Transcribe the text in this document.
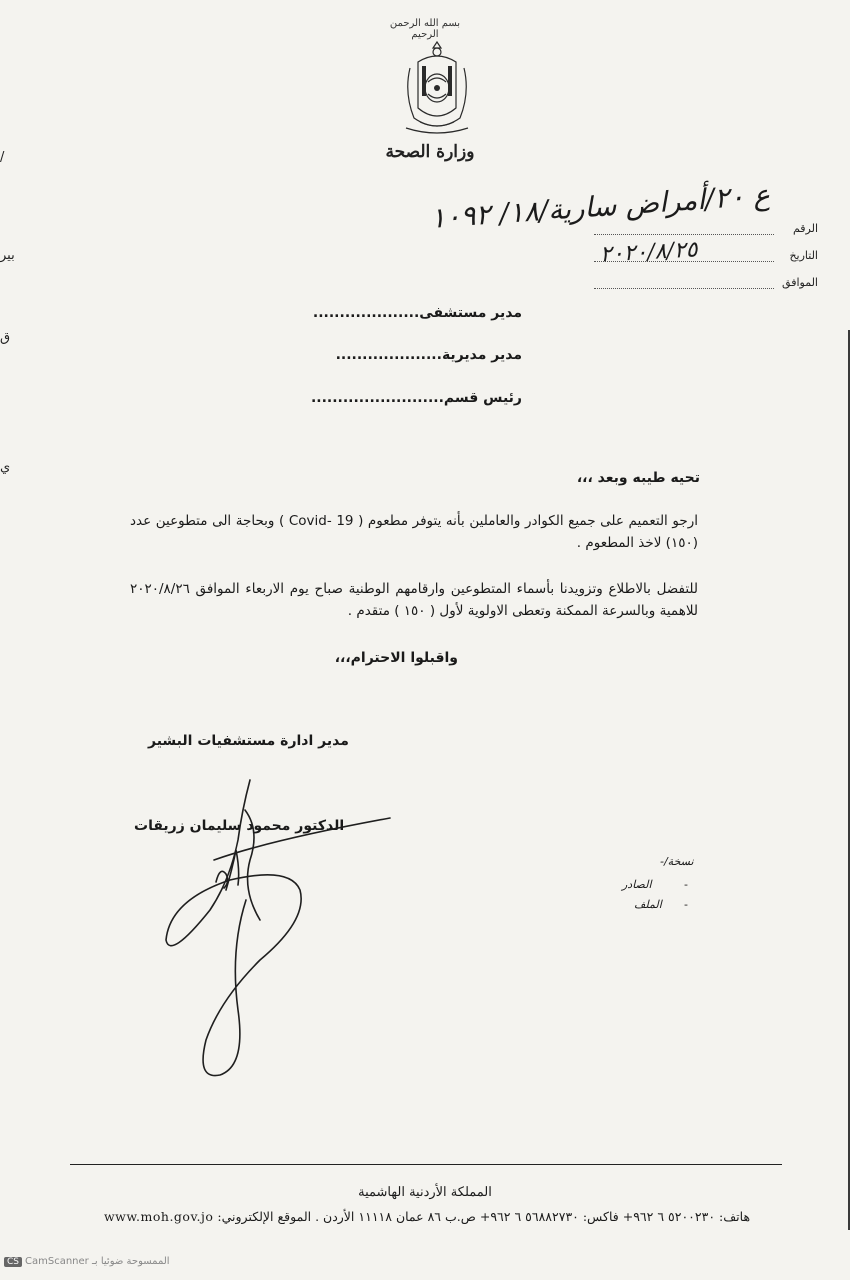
/
بير
ق
ي
بسم الله الرحمن الرحيم
وزارة الصحة
الرقم
ع ٢٠/أمراض سارية/١٨/ ١٠٩٢
التاريخ
٢٠٢٠/٨/٢٥
الموافق
مدير مستشفى....................
مدير مديرية....................
رئيس قسم.........................
تحيه طيبه وبعد ،،،
ارجو التعميم على جميع الكوادر والعاملين بأنه يتوفر مطعوم ( Covid- 19 ) وبحاجة الى متطوعين عدد (١٥٠) لاخذ المطعوم .
للتفضل بالاطلاع وتزويدنا بأسماء المتطوعين وارقامهم الوطنية صباح يوم الاربعاء الموافق ٢٠٢٠/٨/٢٦ للاهمية وبالسرعة الممكنة وتعطى الاولوية لأول ( ١٥٠ ) متقدم .
واقبلوا الاحترام،،،
مدير ادارة مستشفيات البشير
الدكتور محمود سليمان زريقات
نسخة/-
-
الصادر
-
الملف
المملكة الأردنية الهاشمية
هاتف: ٥٢٠٠٢٣٠ ٦ ٩٦٢+ فاكس: ٥٦٨٨٢٧٣٠ ٦ ٩٦٢+ ص.ب ٨٦ عمان ١١١١٨ الأردن . الموقع الإلكتروني: www.moh.gov.jo
CS CamScanner الممسوحة ضوئيا بـ
